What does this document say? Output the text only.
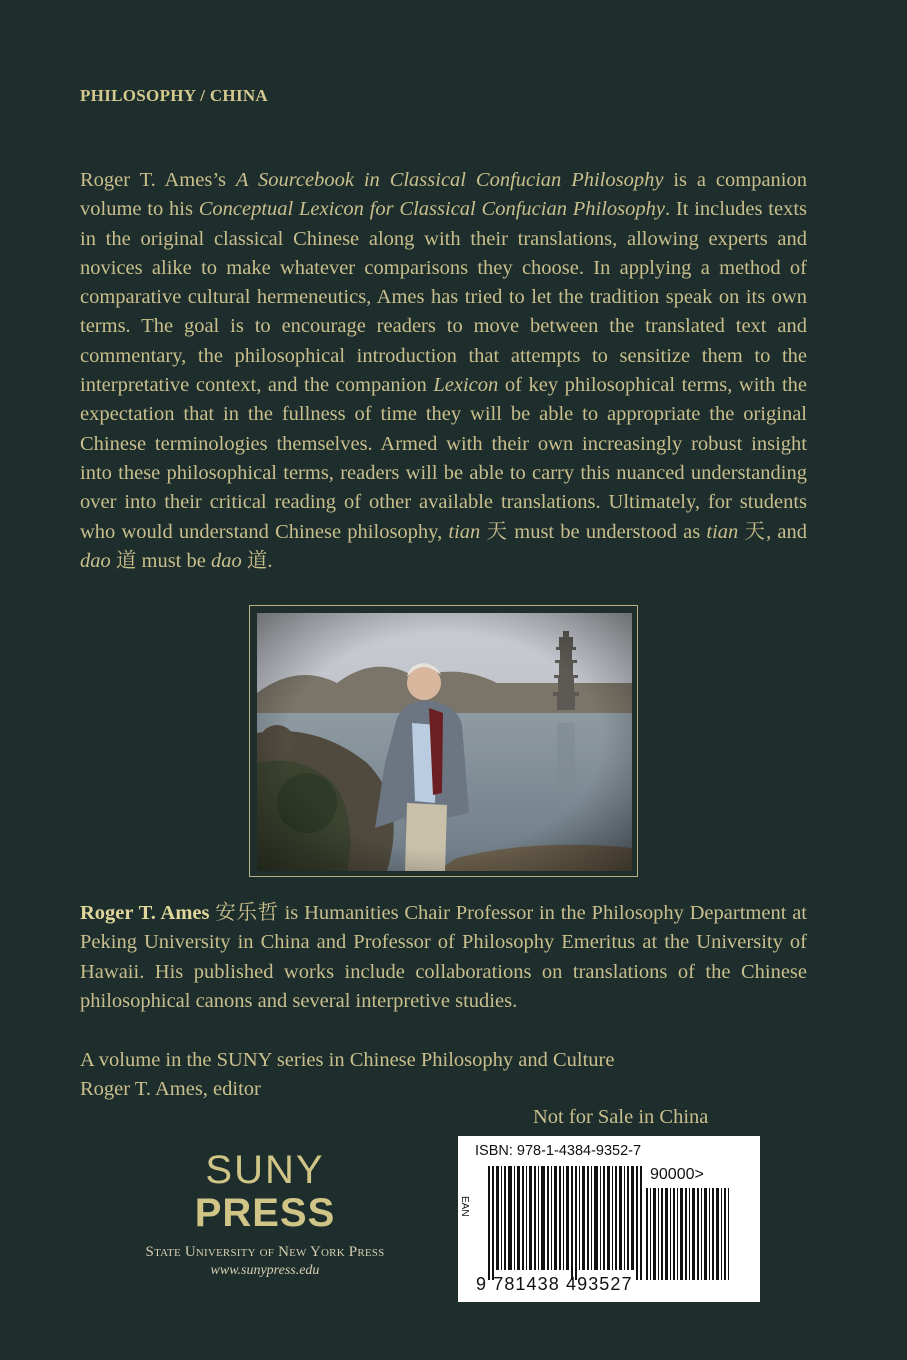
PHILOSOPHY / CHINA

Roger T. Ames’s A Sourcebook in Classical Confucian Philosophy is a companion volume to his Conceptual Lexicon for Classical Confucian Philosophy. It includes texts in the original classical Chinese along with their translations, allowing experts and novices alike to make whatever comparisons they choose. In applying a method of comparative cultural hermeneutics, Ames has tried to let the tradition speak on its own terms. The goal is to encourage readers to move between the translated text and commentary, the philosophical introduction that attempts to sensitize them to the interpretative context, and the companion Lexicon of key philosophical terms, with the expectation that in the fullness of time they will be able to appropriate the original Chinese terminologies themselves. Armed with their own increasingly robust insight into these philosophical terms, readers will be able to carry this nuanced understanding over into their critical reading of other available translations. Ultimately, for students who would understand Chinese philosophy, tian 天 must be understood as tian 天, and dao 道 must be dao 道.

Roger T. Ames 安乐哲 is Humanities Chair Professor in the Philosophy Department at Peking University in China and Professor of Philosophy Emeritus at the University of Hawaii. His published works include collaborations on translations of the Chinese philosophical canons and several interpretive studies.

A volume in the SUNY series in Chinese Philosophy and Culture
Roger T. Ames, editor

Not for Sale in China
ISBN: 978-1-4384-9352-7
EAN
90000>
9 781438 493527
SUNY
PRESS
State University of New York Press
www.sunypress.edu
